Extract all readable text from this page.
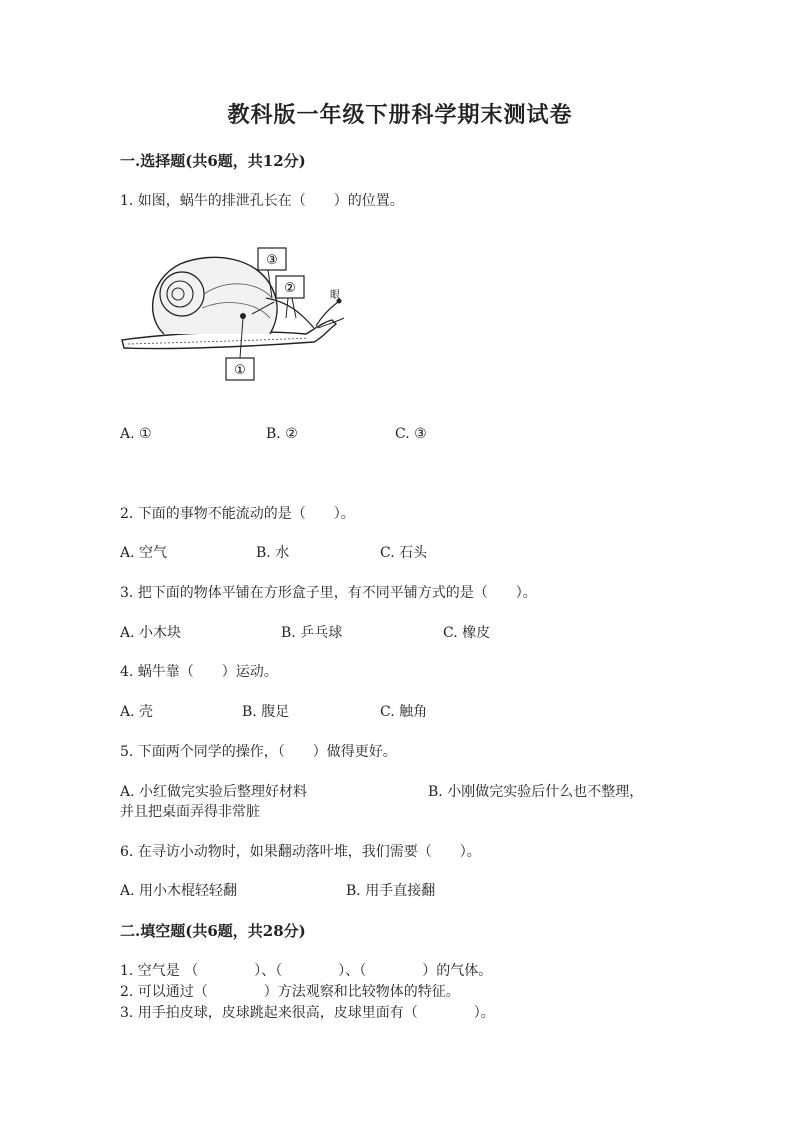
教科版一年级下册科学期末测试卷
一.选择题(共6题，共12分)
1. 如图，蜗牛的排泄孔长在（　　）的位置。
③
②
①
眼
A. ①	B. ②	C. ③
2. 下面的事物不能流动的是（　　）。
A. 空气	B. 水	C. 石头
3. 把下面的物体平铺在方形盒子里，有不同平铺方式的是（　　）。
A. 小木块	B. 乒乓球	C. 橡皮
4. 蜗牛靠（　　）运动。
A. 壳	B. 腹足	C. 触角
5. 下面两个同学的操作，（　　）做得更好。
A. 小红做完实验后整理好材料	B. 小刚做完实验后什么也不整理，
并且把桌面弄得非常脏
6. 在寻访小动物时，如果翻动落叶堆，我们需要（　　）。
A. 用小木棍轻轻翻	B. 用手直接翻
二.填空题(共6题，共28分)
1. 空气是 （　　　　）、（　　　　）、（　　　　）的气体。
2. 可以通过（　　　　）方法观察和比较物体的特征。
3. 用手拍皮球，皮球跳起来很高，皮球里面有（　　　　）。
